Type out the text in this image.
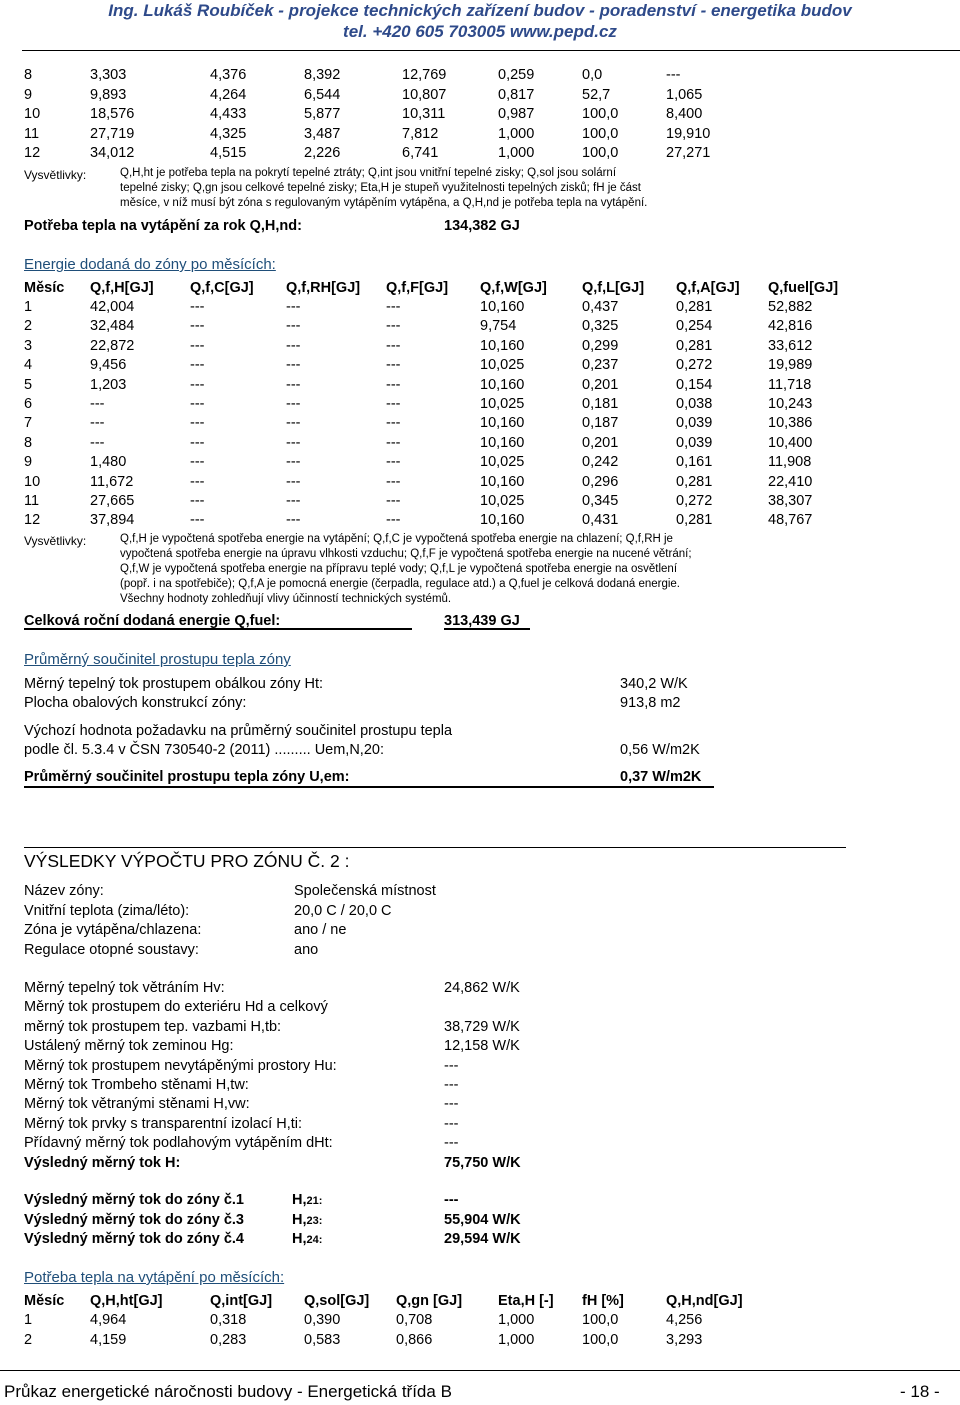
Ing. Lukáš Roubíček - projekce technických zařízení budov - poradenství - energetika budov
tel. +420 605 703005 www.pepd.cz
8	3,303	4,376	8,392	12,769	0,259	0,0	---
9	9,893	4,264	6,544	10,807	0,817	52,7	1,065
10	18,576	4,433	5,877	10,311	0,987	100,0	8,400
11	27,719	4,325	3,487	7,812	1,000	100,0	19,910
12	34,012	4,515	2,226	6,741	1,000	100,0	27,271
Vysvětlivky:	Q,H,ht je potřeba tepla na pokrytí tepelné ztráty; Q,int jsou vnitřní tepelné zisky; Q,sol jsou solární
tepelné zisky; Q,gn jsou celkové tepelné zisky; Eta,H je stupeň využitelnosti tepelných zisků; fH je část
měsíce, v níž musí být zóna s regulovaným vytápěním vytápěna, a Q,H,nd je potřeba tepla na vytápění.
Potřeba tepla na vytápění za rok Q,H,nd:	134,382 GJ
Energie dodaná do zóny po měsících:
Měsíc Q,f,H[GJ]	Q,f,C[GJ] Q,f,RH[GJ] Q,f,F[GJ] Q,f,W[GJ] Q,f,L[GJ] Q,f,A[GJ] Q,fuel[GJ]
1	42,004	---	---	---	10,160	0,437	0,281	52,882
2	32,484	---	---	---	9,754	0,325	0,254	42,816
3	22,872	---	---	---	10,160	0,299	0,281	33,612
4	9,456	---	---	---	10,025	0,237	0,272	19,989
5	1,203	---	---	---	10,160	0,201	0,154	11,718
6	---	---	---	---	10,025	0,181	0,038	10,243
7	---	---	---	---	10,160	0,187	0,039	10,386
8	---	---	---	---	10,160	0,201	0,039	10,400
9	1,480	---	---	---	10,025	0,242	0,161	11,908
10	11,672	---	---	---	10,160	0,296	0,281	22,410
11	27,665	---	---	---	10,025	0,345	0,272	38,307
12	37,894	---	---	---	10,160	0,431	0,281	48,767
Vysvětlivky:	Q,f,H je vypočtená spotřeba energie na vytápění; Q,f,C je vypočtená spotřeba energie na chlazení; Q,f,RH je
vypočtená spotřeba energie na úpravu vlhkosti vzduchu; Q,f,F je vypočtená spotřeba energie na nucené větrání;
Q,f,W je vypočtená spotřeba energie na přípravu teplé vody; Q,f,L je vypočtená spotřeba energie na osvětlení
(popř. i na spotřebiče); Q,f,A je pomocná energie (čerpadla, regulace atd.) a Q,fuel je celková dodaná energie.
Všechny hodnoty zohledňují vlivy účinností technických systémů.
Celková roční dodaná energie Q,fuel:	313,439 GJ
Průměrný součinitel prostupu tepla zóny
Měrný tepelný tok prostupem obálkou zóny Ht:	340,2 W/K
Plocha obalových konstrukcí zóny:	913,8 m2
Výchozí hodnota požadavku na průměrný součinitel prostupu tepla
podle čl. 5.3.4 v ČSN 730540-2 (2011) ......... Uem,N,20:	0,56 W/m2K
Průměrný součinitel prostupu tepla zóny U,em:	0,37 W/m2K
VÝSLEDKY VÝPOČTU PRO ZÓNU Č. 2 :
Název zóny:	Společenská místnost
Vnitřní teplota (zima/léto):	20,0 C / 20,0 C
Zóna je vytápěna/chlazena:	ano / ne
Regulace otopné soustavy:	ano
Měrný tepelný tok větráním Hv:	24,862 W/K
Měrný tok prostupem do exteriéru Hd a celkový
měrný tok prostupem tep. vazbami H,tb:	38,729 W/K
Ustálený měrný tok zeminou Hg:	12,158 W/K
Měrný tok prostupem nevytápěnými prostory Hu:	---
Měrný tok Trombeho stěnami H,tw:	---
Měrný tok větranými stěnami H,vw:	---
Měrný tok prvky s transparentní izolací H,ti:	---
Přídavný měrný tok podlahovým vytápěním dHt:	---
Výsledný měrný tok H:	75,750 W/K
Výsledný měrný tok do zóny č.1	H,21:	---
Výsledný měrný tok do zóny č.3	H,23:	55,904 W/K
Výsledný měrný tok do zóny č.4	H,24:	29,594 W/K
Potřeba tepla na vytápění po měsících:
Měsíc Q,H,ht[GJ]	Q,int[GJ] Q,sol[GJ] Q,gn [GJ] Eta,H [-] fH [%]	Q,H,nd[GJ]
1	4,964	0,318	0,390	0,708	1,000	100,0	4,256
2	4,159	0,283	0,583	0,866	1,000	100,0	3,293
Průkaz energetické náročnosti budovy - Energetická třída B	- 18 -
